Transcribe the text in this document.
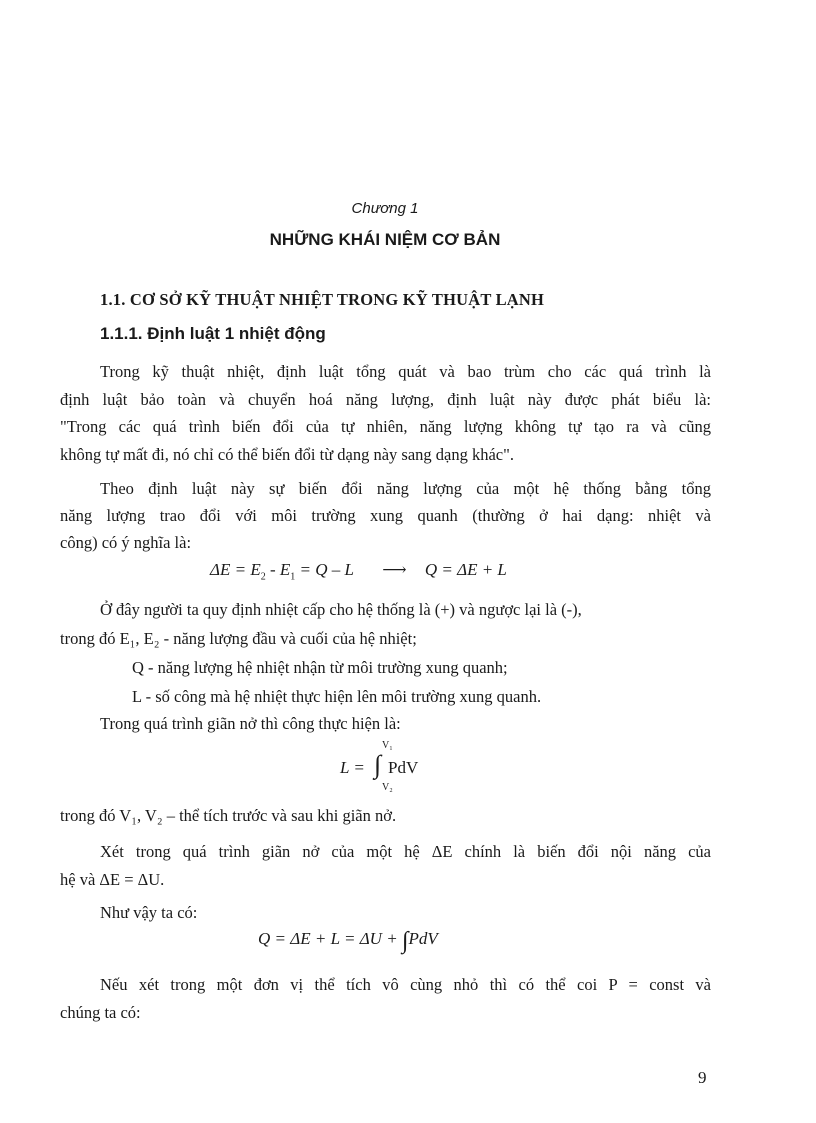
Chương 1
NHỮNG KHÁI NIỆM CƠ BẢN
1.1. CƠ SỞ KỸ THUẬT NHIỆT TRONG KỸ THUẬT LẠNH
1.1.1. Định luật 1 nhiệt động
Trong kỹ thuật nhiệt, định luật tổng quát và bao trùm cho các quá trình là
định luật bảo toàn và chuyển hoá năng lượng, định luật này được phát biểu là:
"Trong các quá trình biến đổi của tự nhiên, năng lượng không tự tạo ra và cũng
không tự mất đi, nó chỉ có thể biến đổi từ dạng này sang dạng khác".
Theo định luật này sự biến đổi năng lượng của một hệ thống bằng tổng
năng lượng trao đổi với môi trường xung quanh (thường ở hai dạng: nhiệt và
công) có ý nghĩa là:
$\Delta E = E_2 - E_1 = Q - L$ ⟶ Q = ΔE + L
Ở đây người ta quy định nhiệt cấp cho hệ thống là (+) và ngược lại là (-),
trong đó E₁, E₂ - năng lượng đầu và cuối của hệ nhiệt;
Q - năng lượng hệ nhiệt nhận từ môi trường xung quanh;
L - số công mà hệ nhiệt thực hiện lên môi trường xung quanh.
Trong quá trình giãn nở thì công thực hiện là:
L = ∫
V₁
V₂
PdV
trong đó V₁, V₂ – thể tích trước và sau khi giãn nở.
Xét trong quá trình giãn nở của một hệ ΔE chính là biến đổi nội năng của
hệ và ΔE = ΔU.
Như vậy ta có:
Q = ΔE + L = ΔU + ∫PdV
Nếu xét trong một đơn vị thể tích vô cùng nhỏ thì có thể coi P = const và
chúng ta có:
9
